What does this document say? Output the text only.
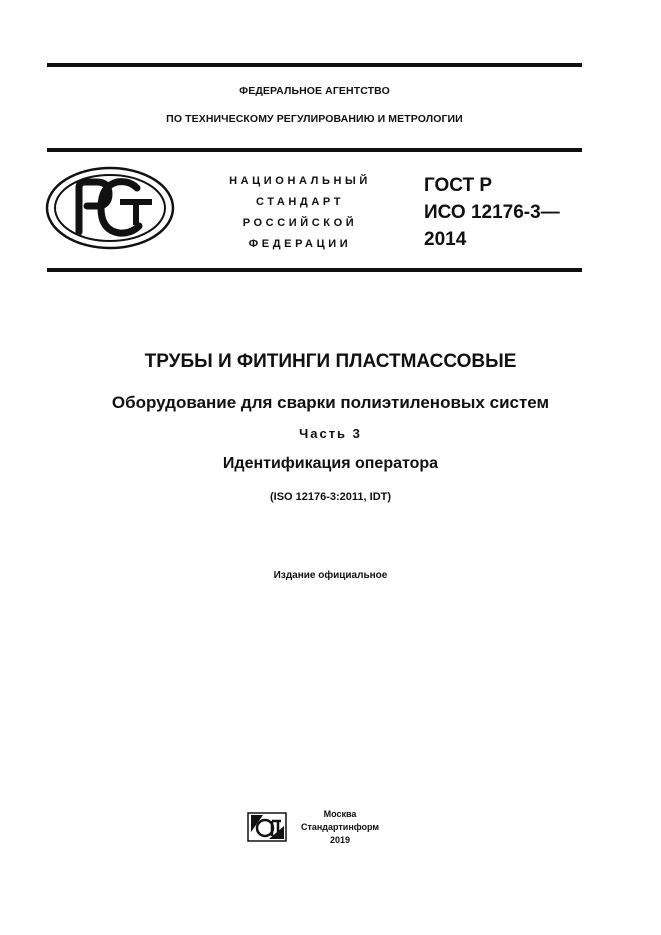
ФЕДЕРАЛЬНОЕ АГЕНТСТВО
ПО ТЕХНИЧЕСКОМУ РЕГУЛИРОВАНИЮ И МЕТРОЛОГИИ
НАЦИОНАЛЬНЫЙ
СТАНДАРТ
РОССИЙСКОЙ
ФЕДЕРАЦИИ
ГОСТ Р
ИСО 12176-3—
2014
ТРУБЫ И ФИТИНГИ ПЛАСТМАССОВЫЕ
Оборудование для сварки полиэтиленовых систем
Часть 3
Идентификация оператора
(ISO 12176-3:2011, IDT)
Издание официальное
Москва
Стандартинформ
2019
